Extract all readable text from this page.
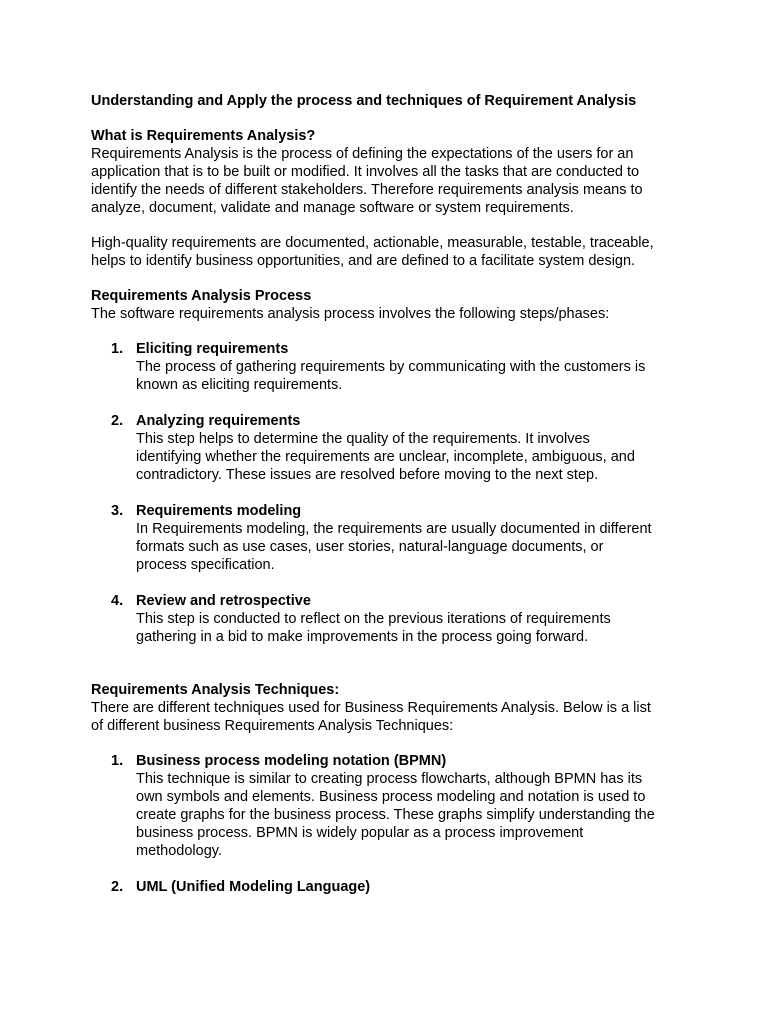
Understanding and Apply the process and techniques of Requirement Analysis

What is Requirements Analysis?

Requirements Analysis is the process of defining the expectations of the users for an
application that is to be built or modified. It involves all the tasks that are conducted to
identify the needs of different stakeholders. Therefore requirements analysis means to
analyze, document, validate and manage software or system requirements.

High-quality requirements are documented, actionable, measurable, testable, traceable,
helps to identify business opportunities, and are defined to a facilitate system design.

Requirements Analysis Process

The software requirements analysis process involves the following steps/phases:

1. Eliciting requirements
The process of gathering requirements by communicating with the customers is
known as eliciting requirements.
2. Analyzing requirements
This step helps to determine the quality of the requirements. It involves
identifying whether the requirements are unclear, incomplete, ambiguous, and
contradictory. These issues are resolved before moving to the next step.
3. Requirements modeling
In Requirements modeling, the requirements are usually documented in different
formats such as use cases, user stories, natural-language documents, or
process specification.
4. Review and retrospective
This step is conducted to reflect on the previous iterations of requirements
gathering in a bid to make improvements in the process going forward.

Requirements Analysis Techniques:

There are different techniques used for Business Requirements Analysis. Below is a list
of different business Requirements Analysis Techniques:

1. Business process modeling notation (BPMN)
This technique is similar to creating process flowcharts, although BPMN has its
own symbols and elements. Business process modeling and notation is used to
create graphs for the business process. These graphs simplify understanding the
business process. BPMN is widely popular as a process improvement
methodology.
2. UML (Unified Modeling Language)
